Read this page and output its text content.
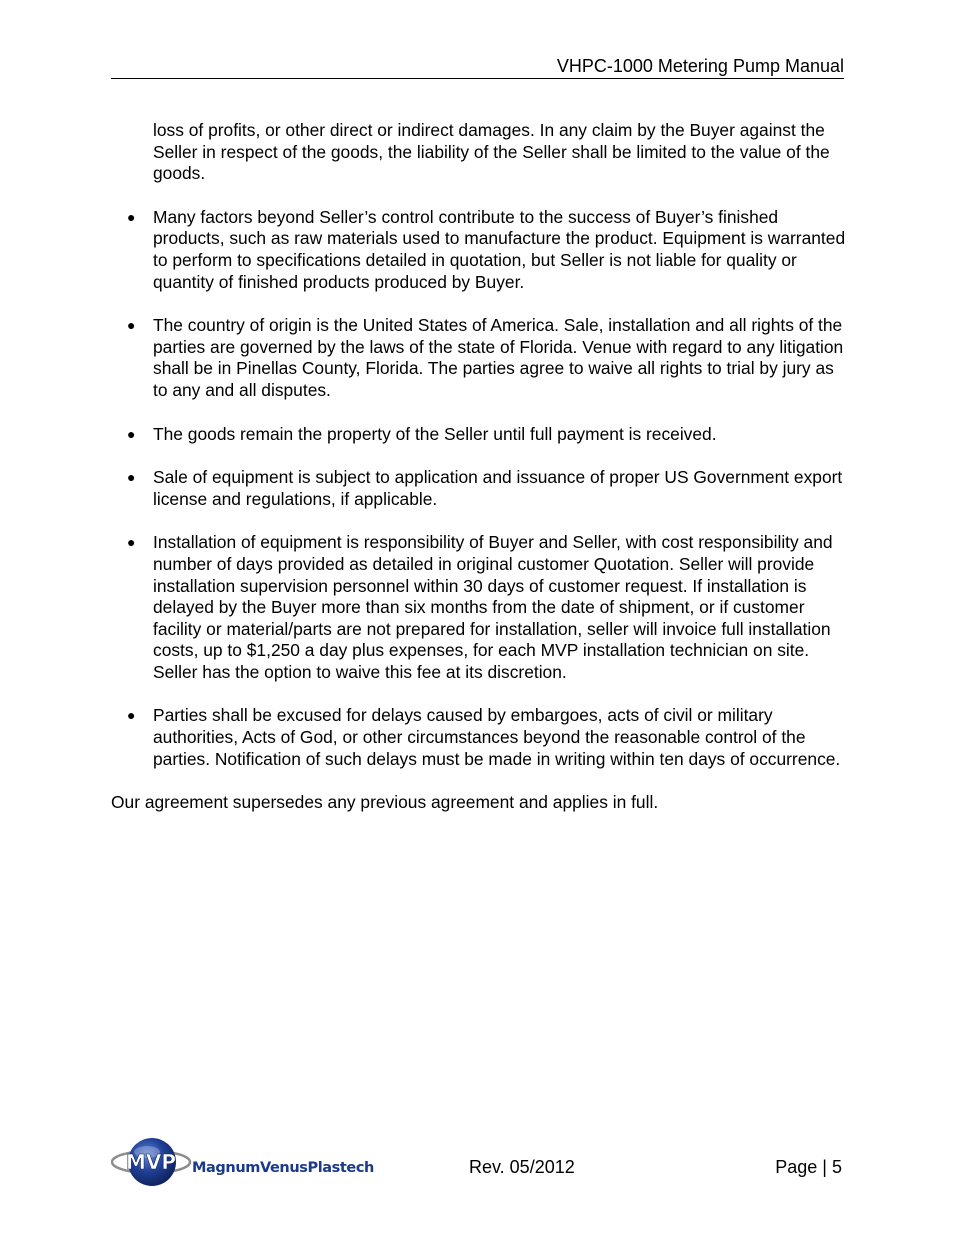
VHPC-1000 Metering Pump Manual

loss of profits, or other direct or indirect damages. In any claim by the Buyer against the Seller in respect of the goods, the liability of the Seller shall be limited to the value of the goods.

● Many factors beyond Seller’s control contribute to the success of Buyer’s finished products, such as raw materials used to manufacture the product. Equipment is warranted to perform to specifications detailed in quotation, but Seller is not liable for quality or quantity of finished products produced by Buyer.
● The country of origin is the United States of America. Sale, installation and all rights of the parties are governed by the laws of the state of Florida. Venue with regard to any litigation shall be in Pinellas County, Florida. The parties agree to waive all rights to trial by jury as to any and all disputes.
● The goods remain the property of the Seller until full payment is received.
● Sale of equipment is subject to application and issuance of proper US Government export license and regulations, if applicable.
● Installation of equipment is responsibility of Buyer and Seller, with cost responsibility and number of days provided as detailed in original customer Quotation. Seller will provide installation supervision personnel within 30 days of customer request. If installation is delayed by the Buyer more than six months from the date of shipment, or if customer facility or material/parts are not prepared for installation, seller will invoice full installation costs, up to $1,250 a day plus expenses, for each MVP installation technician on site. Seller has the option to waive this fee at its discretion.
● Parties shall be excused for delays caused by embargoes, acts of civil or military authorities, Acts of God, or other circumstances beyond the reasonable control of the parties. Notification of such delays must be made in writing within ten days of occurrence.

Our agreement supersedes any previous agreement and applies in full.

MVP MagnumVenusPlastech	Rev. 05/2012	Page | 5
